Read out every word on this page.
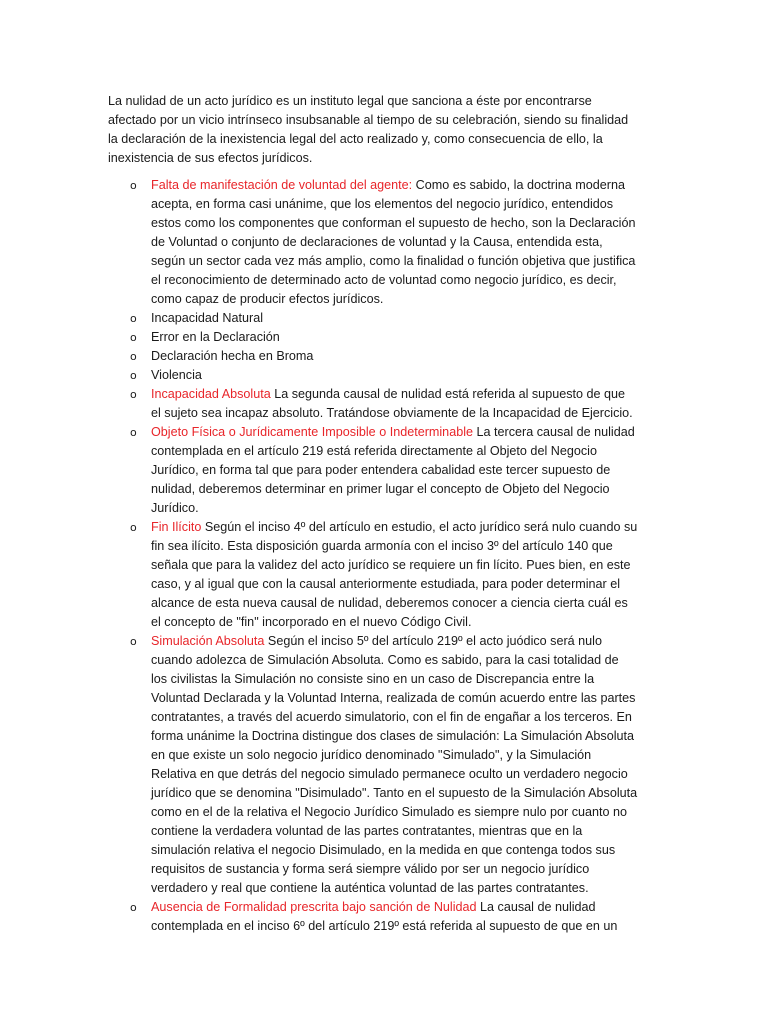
La nulidad de un acto jurídico es un instituto legal que sanciona a éste por encontrarse afectado por un vicio intrínseco insubsanable al tiempo de su celebración, siendo su finalidad la declaración de la inexistencia legal del acto realizado y, como consecuencia de ello, la inexistencia de sus efectos jurídicos.

o Falta de manifestación de voluntad del agente: Como es sabido, la doctrina moderna acepta, en forma casi unánime, que los elementos del negocio jurídico, entendidos estos como los componentes que conforman el supuesto de hecho, son la Declaración de Voluntad o conjunto de declaraciones de voluntad y la Causa, entendida esta, según un sector cada vez más amplio, como la finalidad o función objetiva que justifica el reconocimiento de determinado acto de voluntad como negocio jurídico, es decir, como capaz de producir efectos jurídicos.
o Incapacidad Natural
o Error en la Declaración
o Declaración hecha en Broma
o Violencia
o Incapacidad Absoluta La segunda causal de nulidad está referida al supuesto de que el sujeto sea incapaz absoluto. Tratándose obviamente de la Incapacidad de Ejercicio.
o Objeto Física o Jurídicamente Imposible o Indeterminable La tercera causal de nulidad contemplada en el artículo 219 está referida directamente al Objeto del Negocio Jurídico, en forma tal que para poder entendera cabalidad este tercer supuesto de nulidad, deberemos determinar en primer lugar el concepto de Objeto del Negocio Jurídico.
o Fin Ilícito Según el inciso 4º del artículo en estudio, el acto jurídico será nulo cuando su fin sea ilícito. Esta disposición guarda armonía con el inciso 3º del artículo 140 que señala que para la validez del acto jurídico se requiere un fin lícito. Pues bien, en este caso, y al igual que con la causal anteriormente estudiada, para poder determinar el alcance de esta nueva causal de nulidad, deberemos conocer a ciencia cierta cuál es el concepto de "fin" incorporado en el nuevo Código Civil.
o Simulación Absoluta Según el inciso 5º del artículo 219º el acto juódico será nulo cuando adolezca de Simulación Absoluta. Como es sabido, para la casi totalidad de los civilistas la Simulación no consiste sino en un caso de Discrepancia entre la Voluntad Declarada y la Voluntad Interna, realizada de común acuerdo entre las partes contratantes, a través del acuerdo simulatorio, con el fin de engañar a los terceros. En forma unánime la Doctrina distingue dos clases de simulación: La Simulación Absoluta en que existe un solo negocio jurídico denominado "Simulado", y la Simulación Relativa en que detrás del negocio simulado permanece oculto un verdadero negocio jurídico que se denomina "Disimulado". Tanto en el supuesto de la Simulación Absoluta como en el de la relativa el Negocio Jurídico Simulado es siempre nulo por cuanto no contiene la verdadera voluntad de las partes contratantes, mientras que en la simulación relativa el negocio Disimulado, en la medida en que contenga todos sus requisitos de sustancia y forma será siempre válido por ser un negocio jurídico verdadero y real que contiene la auténtica voluntad de las partes contratantes.
o Ausencia de Formalidad prescrita bajo sanción de Nulidad La causal de nulidad contemplada en el inciso 6º del artículo 219º está referida al supuesto de que en un
